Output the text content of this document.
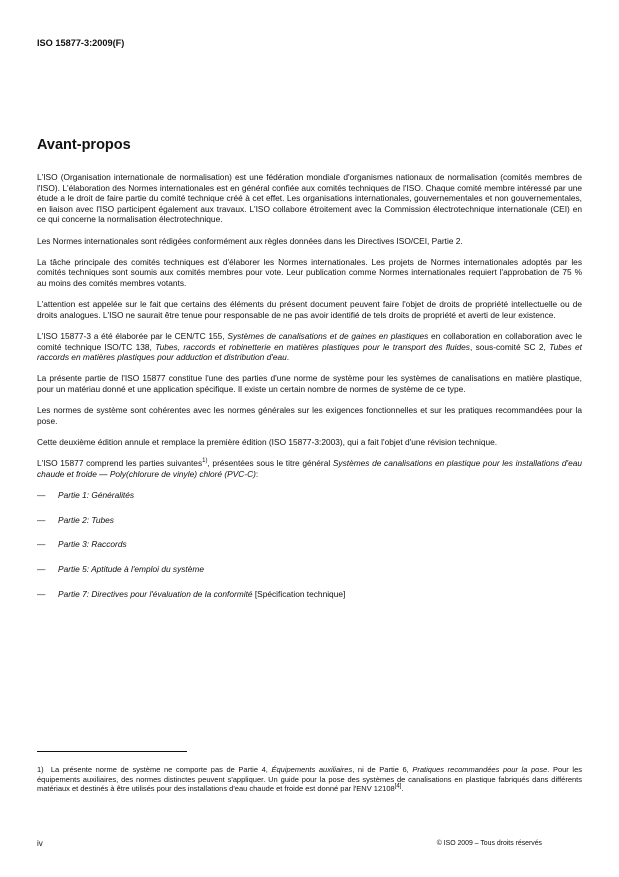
ISO 15877-3:2009(F)
Avant-propos

L'ISO (Organisation internationale de normalisation) est une fédération mondiale d'organismes nationaux de normalisation (comités membres de l'ISO). L'élaboration des Normes internationales est en général confiée aux comités techniques de l'ISO. Chaque comité membre intéressé par une étude a le droit de faire partie du comité technique créé à cet effet. Les organisations internationales, gouvernementales et non gouvernementales, en liaison avec l'ISO participent également aux travaux. L'ISO collabore étroitement avec la Commission électrotechnique internationale (CEI) en ce qui concerne la normalisation électrotechnique.

Les Normes internationales sont rédigées conformément aux règles données dans les Directives ISO/CEI, Partie 2.

La tâche principale des comités techniques est d'élaborer les Normes internationales. Les projets de Normes internationales adoptés par les comités techniques sont soumis aux comités membres pour vote. Leur publication comme Normes internationales requiert l'approbation de 75 % au moins des comités membres votants.

L'attention est appelée sur le fait que certains des éléments du présent document peuvent faire l'objet de droits de propriété intellectuelle ou de droits analogues. L'ISO ne saurait être tenue pour responsable de ne pas avoir identifié de tels droits de propriété et averti de leur existence.

L'ISO 15877-3 a été élaborée par le CEN/TC 155, Systèmes de canalisations et de gaines en plastiques en collaboration en collaboration avec le comité technique ISO/TC 138, Tubes, raccords et robinetterie en matières plastiques pour le transport des fluides, sous-comité SC 2, Tubes et raccords en matières plastiques pour adduction et distribution d'eau.

La présente partie de l'ISO 15877 constitue l'une des parties d'une norme de système pour les systèmes de canalisations en matière plastique, pour un matériau donné et une application spécifique. Il existe un certain nombre de normes de système de ce type.

Les normes de système sont cohérentes avec les normes générales sur les exigences fonctionnelles et sur les pratiques recommandées pour la pose.

Cette deuxième édition annule et remplace la première édition (ISO 15877-3:2003), qui a fait l'objet d'une révision technique.

L'ISO 15877 comprend les parties suivantes$^{1)}$, présentées sous le titre général Systèmes de canalisations en plastique pour les installations d'eau chaude et froide — Poly(chlorure de vinyle) chloré (PVC-C):

— Partie 1: Généralités
— Partie 2: Tubes
— Partie 3: Raccords
— Partie 5: Aptitude à l'emploi du système
— Partie 7: Directives pour l'évaluation de la conformité [Spécification technique]
1) La présente norme de système ne comporte pas de Partie 4, Équipements auxiliaires, ni de Partie 6, Pratiques recommandées pour la pose. Pour les équipements auxiliaires, des normes distinctes peuvent s'appliquer. Un guide pour la pose des systèmes de canalisations en plastique fabriqués dans différents matériaux et destinés à être utilisés pour des installations d'eau chaude et froide est donné par l'ENV 12108[4].
iv	© ISO 2009 – Tous droits réservés
